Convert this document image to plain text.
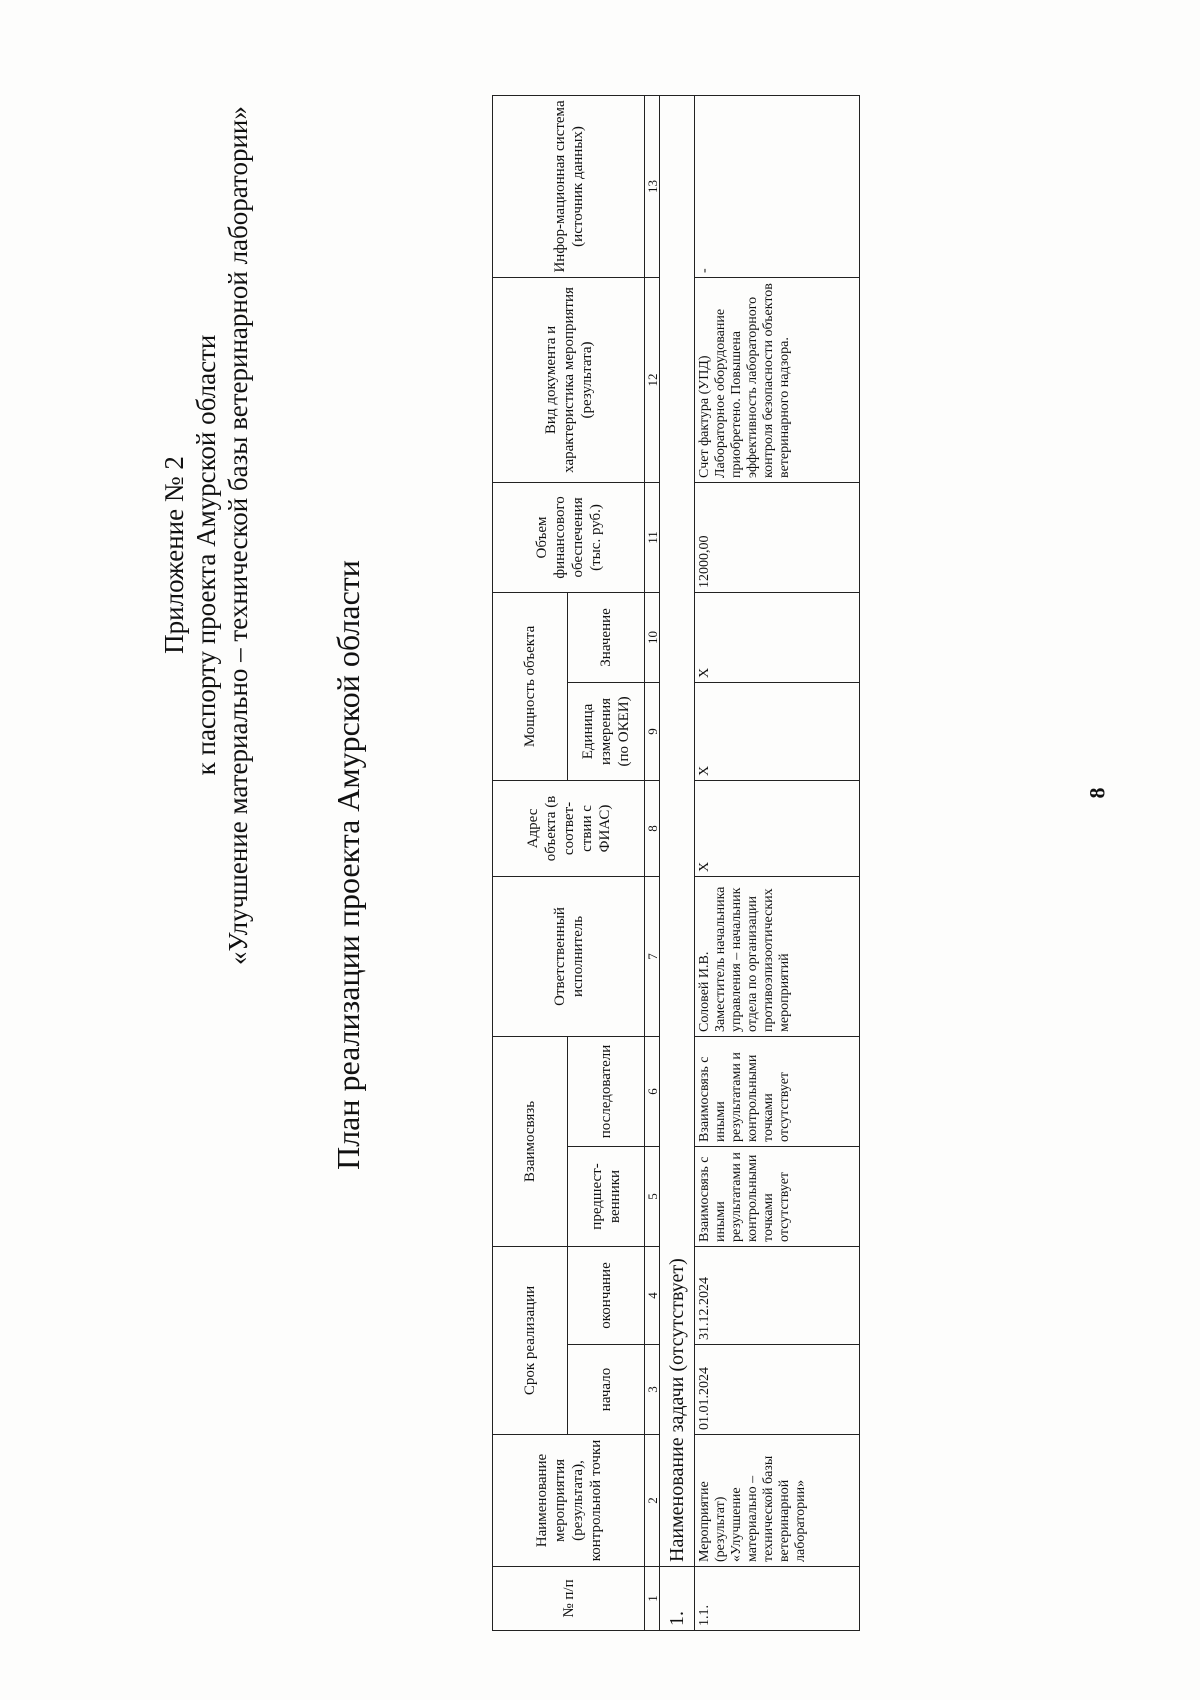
Приложение № 2 к паспорту проекта Амурской области «Улучшение материально – технической базы ветеринарной лаборатории» План реализации проекта Амурской области
№ п/п	Наименование мероприятия (результата), контрольной точки	Срок реализации		Взаимосвязь		Ответственный исполнитель	Адрес объекта (в соответ-ствии с ФИАС)	Мощность объекта		Объем финансового обеспечения (тыс. руб.)	Вид документа и характеристика мероприятия (результата)	Инфор-мационная система (источник данных)
		начало	окончание	предшест-венники	последователи			Единица измерения (по ОКЕИ)	Значение			
1	2	3	4	5	6	7	8	9	10	11	12	13
1.	Наименование задачи (отсутствует)											
1.1.	Мероприятие (результат) «Улучшение материально – технической базы ветеринарной лаборатории»	01.01.2024	31.12.2024	Взаимосвязь с иными результатами и контрольными точками отсутствует	Взаимосвязь с иными результатами и контрольными точками отсутствует	Соловей И.В. Заместитель начальника управления – начальник отдела по организации противоэпизоотических мероприятий	X	X	X	12000,00	Счет фактура (УПД) Лабораторное оборудование приобретено. Повышена эффективность лабораторного контроля безопасности объектов ветеринарного надзора.	-
8
